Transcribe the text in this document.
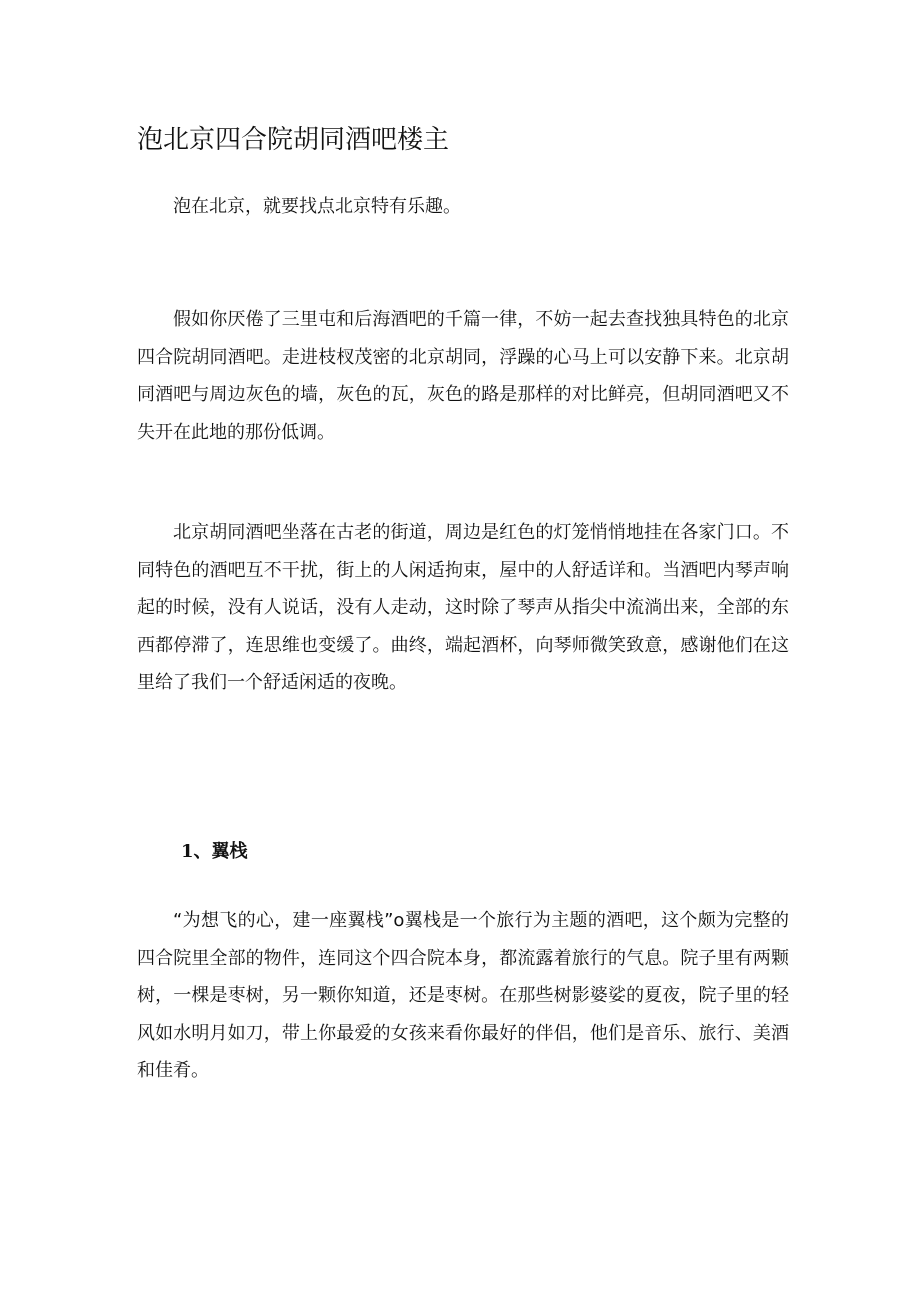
泡北京四合院胡同酒吧楼主

泡在北京，就要找点北京特有乐趣。

假如你厌倦了三里屯和后海酒吧的千篇一律，不妨一起去查找独具特色的北京四合院胡同酒吧。走进枝杈茂密的北京胡同，浮躁的心马上可以安静下来。北京胡同酒吧与周边灰色的墙，灰色的瓦，灰色的路是那样的对比鲜亮，但胡同酒吧又不失开在此地的那份低调。

北京胡同酒吧坐落在古老的街道，周边是红色的灯笼悄悄地挂在各家门口。不同特色的酒吧互不干扰，街上的人闲适拘束，屋中的人舒适详和。当酒吧内琴声响起的时候，没有人说话，没有人走动，这时除了琴声从指尖中流淌出来，全部的东西都停滞了，连思维也变缓了。曲终，端起酒杯，向琴师微笑致意，感谢他们在这里给了我们一个舒适闲适的夜晚。

1、翼栈

“为想飞的心，建一座翼栈”o翼栈是一个旅行为主题的酒吧，这个颇为完整的四合院里全部的物件，连同这个四合院本身，都流露着旅行的气息。院子里有两颗树，一棵是枣树，另一颗你知道，还是枣树。在那些树影婆娑的夏夜，院子里的轻风如水明月如刀，带上你最爱的女孩来看你最好的伴侣，他们是音乐、旅行、美酒和佳肴。
